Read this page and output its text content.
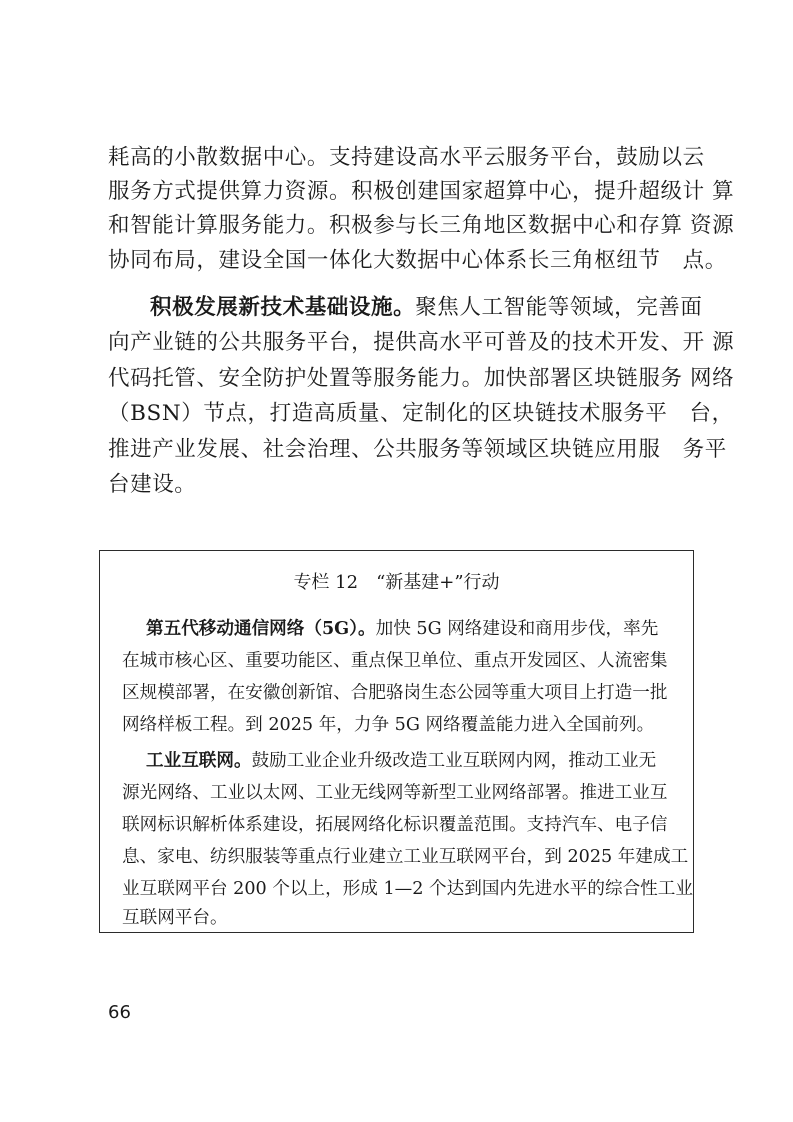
耗高的小散数据中心。支持建设高水平云服务平台，鼓励以云

服务方式提供算力资源。积极创建国家超算中心，提升超级计 算

和智能计算服务能力。积极参与长三角地区数据中心和存算 资源

协同布局，建设全国一体化大数据中心体系长三角枢纽节　点。

积极发展新技术基础设施。聚焦人工智能等领域，完善面

向产业链的公共服务平台，提供高水平可普及的技术开发、开 源

代码托管、安全防护处置等服务能力。加快部署区块链服务 网络

（BSN）节点，打造高质量、定制化的区块链技术服务平　台，

推进产业发展、社会治理、公共服务等领域区块链应用服　务平

台建设。

专栏 12　“新基建+”行动

第五代移动通信网络（5G）。加快 5G 网络建设和商用步伐，率先

在城市核心区、重要功能区、重点保卫单位、重点开发园区、人流密集

区规模部署，在安徽创新馆、合肥骆岗生态公园等重大项目上打造一批

网络样板工程。到 2025 年，力争 5G 网络覆盖能力进入全国前列。

工业互联网。鼓励工业企业升级改造工业互联网内网，推动工业无

源光网络、工业以太网、工业无线网等新型工业网络部署。推进工业互

联网标识解析体系建设，拓展网络化标识覆盖范围。支持汽车、电子信

息、家电、纺织服装等重点行业建立工业互联网平台，到 2025 年建成工

业互联网平台 200 个以上，形成 1—2 个达到国内先进水平的综合性工业

互联网平台。

66
